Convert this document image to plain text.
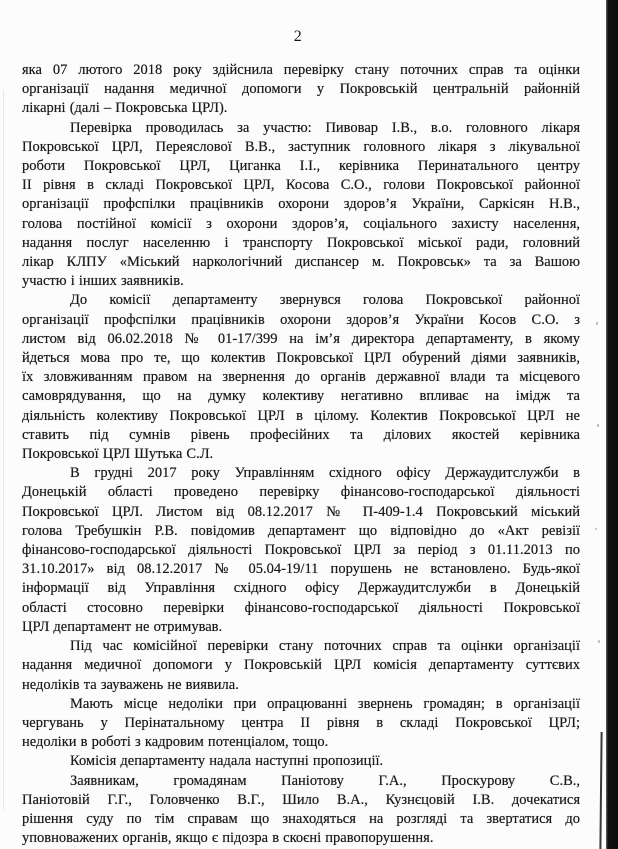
2
яка 07 лютого 2018 року здійснила перевірку стану поточних справ та оцінки
організації надання медичної допомоги у Покровській центральній районній
лікарні (далі – Покровська ЦРЛ).
Перевірка проводилась за участю: Пивовар І.В., в.о. головного лікаря
Покровської ЦРЛ, Переяслової В.В., заступник головного лікаря з лікувальної
роботи Покровської ЦРЛ, Циганка І.І., керівника Перинатального центру
ІІ рівня в складі Покровської ЦРЛ, Косова С.О., голови Покровської районної
організації профспілки працівників охорони здоров’я України, Саркісян Н.В.,
голова постійної комісії з охорони здоров’я, соціального захисту населення,
надання послуг населенню і транспорту Покровської міської ради, головний
лікар КЛПУ «Міський наркологічний диспансер м. Покровськ» та за Вашою
участю і інших заявників.
До комісії департаменту звернувся голова Покровської районної
організації профспілки працівників охорони здоров’я України Косов С.О. з
листом від 06.02.2018 № 01-17/399 на ім’я директора департаменту, в якому
йдеться мова про те, що колектив Покровської ЦРЛ обурений діями заявників,
їх зловживанням правом на звернення до органів державної влади та місцевого
самоврядування, що на думку колективу негативно впливає на імідж та
діяльність колективу Покровської ЦРЛ в цілому. Колектив Покровської ЦРЛ не
ставить під сумнів рівень професійних та ділових якостей керівника
Покровської ЦРЛ Шутька С.Л.
В грудні 2017 року Управлінням східного офісу Держаудитслужби в
Донецькій області проведено перевірку фінансово-господарської діяльності
Покровської ЦРЛ. Листом від 08.12.2017 № П-409-1.4 Покровський міський
голова Требушкін Р.В. повідомив департамент що відповідно до «Акт ревізії
фінансово-господарської діяльності Покровської ЦРЛ за період з 01.11.2013 по
31.10.2017» від 08.12.2017 № 05.04-19/11 порушень не встановлено. Будь-якої
інформації від Управління східного офісу Держаудитслужби в Донецькій
області стосовно перевірки фінансово-господарської діяльності Покровської
ЦРЛ департамент не отримував.
Під час комісійної перевірки стану поточних справ та оцінки організації
надання медичної допомоги у Покровській ЦРЛ комісія департаменту суттєвих
недоліків та зауважень не виявила.
Мають місце недоліки при опрацюванні звернень громадян; в організації
чергувань у Перінатальному центра ІІ рівня в складі Покровської ЦРЛ;
недоліки в роботі з кадровим потенціалом, тощо.
Комісія департаменту надала наступні пропозиції.
Заявникам, громадянам Паніотову Г.А., Проскурову С.В.,
Паніотовій Г.Г., Головченко В.Г., Шило В.А., Кузнєцовій І.В. дочекатися
рішення суду по тім справам що знаходяться на розгляді та звертатися до
уповноважених органів, якщо є підозра в скоєні правопорушення.
